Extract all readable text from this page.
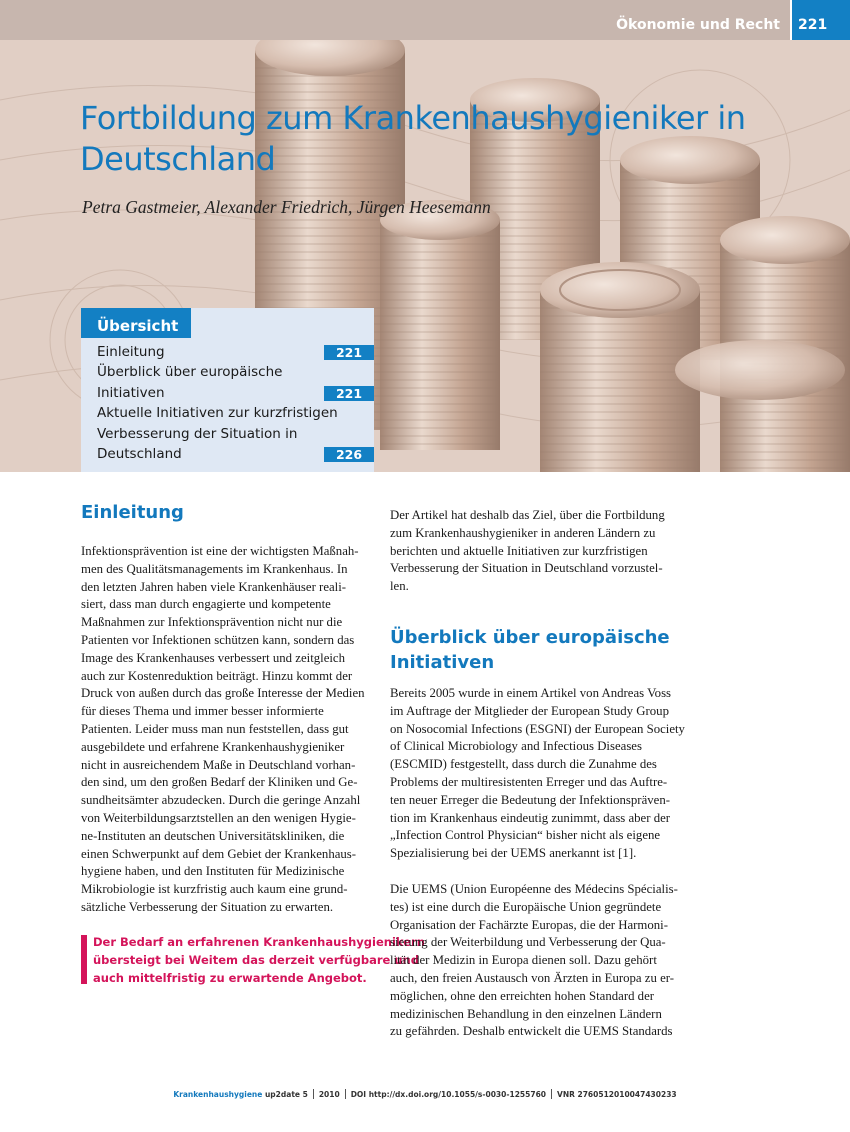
Ökonomie und Recht 221
Fortbildung zum Krankenhaushygieniker in Deutschland
Petra Gastmeier, Alexander Friedrich, Jürgen Heesemann
Übersicht
Einleitung	221
Überblick über europäische
Initiativen	221
Aktuelle Initiativen zur kurzfristigen
Verbesserung der Situation in
Deutschland	226
Einleitung
Infektionsprävention ist eine der wichtigsten Maßnah-
men des Qualitätsmanagements im Krankenhaus. In
den letzten Jahren haben viele Krankenhäuser reali-
siert, dass man durch engagierte und kompetente
Maßnahmen zur Infektionsprävention nicht nur die
Patienten vor Infektionen schützen kann, sondern das
Image des Krankenhauses verbessert und zeitgleich
auch zur Kostenreduktion beiträgt. Hinzu kommt der
Druck von außen durch das große Interesse der Medien
für dieses Thema und immer besser informierte
Patienten. Leider muss man nun feststellen, dass gut
ausgebildete und erfahrene Krankenhaushygieniker
nicht in ausreichendem Maße in Deutschland vorhan-
den sind, um den großen Bedarf der Kliniken und Ge-
sundheitsämter abzudecken. Durch die geringe Anzahl
von Weiterbildungsarztstellen an den wenigen Hygie-
ne-Instituten an deutschen Universitätskliniken, die
einen Schwerpunkt auf dem Gebiet der Krankenhaus-
hygiene haben, und den Instituten für Medizinische
Mikrobiologie ist kurzfristig auch kaum eine grund-
sätzliche Verbesserung der Situation zu erwarten.
Der Bedarf an erfahrenen Krankenhaushygienikern
übersteigt bei Weitem das derzeit verfügbare und
auch mittelfristig zu erwartende Angebot.
Der Artikel hat deshalb das Ziel, über die Fortbildung
zum Krankenhaushygieniker in anderen Ländern zu
berichten und aktuelle Initiativen zur kurzfristigen
Verbesserung der Situation in Deutschland vorzustel-
len.
Überblick über europäische
Initiativen
Bereits 2005 wurde in einem Artikel von Andreas Voss
im Auftrage der Mitglieder der European Study Group
on Nosocomial Infections (ESGNI) der European Society
of Clinical Microbiology and Infectious Diseases
(ESCMID) festgestellt, dass durch die Zunahme des
Problems der multiresistenten Erreger und das Auftre-
ten neuer Erreger die Bedeutung der Infektionspräven-
tion im Krankenhaus eindeutig zunimmt, dass aber der
„Infection Control Physician“ bisher nicht als eigene
Spezialisierung bei der UEMS anerkannt ist [1].
Die UEMS (Union Européenne des Médecins Spécialis-
tes) ist eine durch die Europäische Union gegründete
Organisation der Fachärzte Europas, die der Harmoni-
sierung der Weiterbildung und Verbesserung der Qua-
lität der Medizin in Europa dienen soll. Dazu gehört
auch, den freien Austausch von Ärzten in Europa zu er-
möglichen, ohne den erreichten hohen Standard der
medizinischen Behandlung in den einzelnen Ländern
zu gefährden. Deshalb entwickelt die UEMS Standards
Krankenhaushygiene up2date 5 2010 DOI http://dx.doi.org/10.1055/s-0030-1255760 VNR 2760512010047430233
